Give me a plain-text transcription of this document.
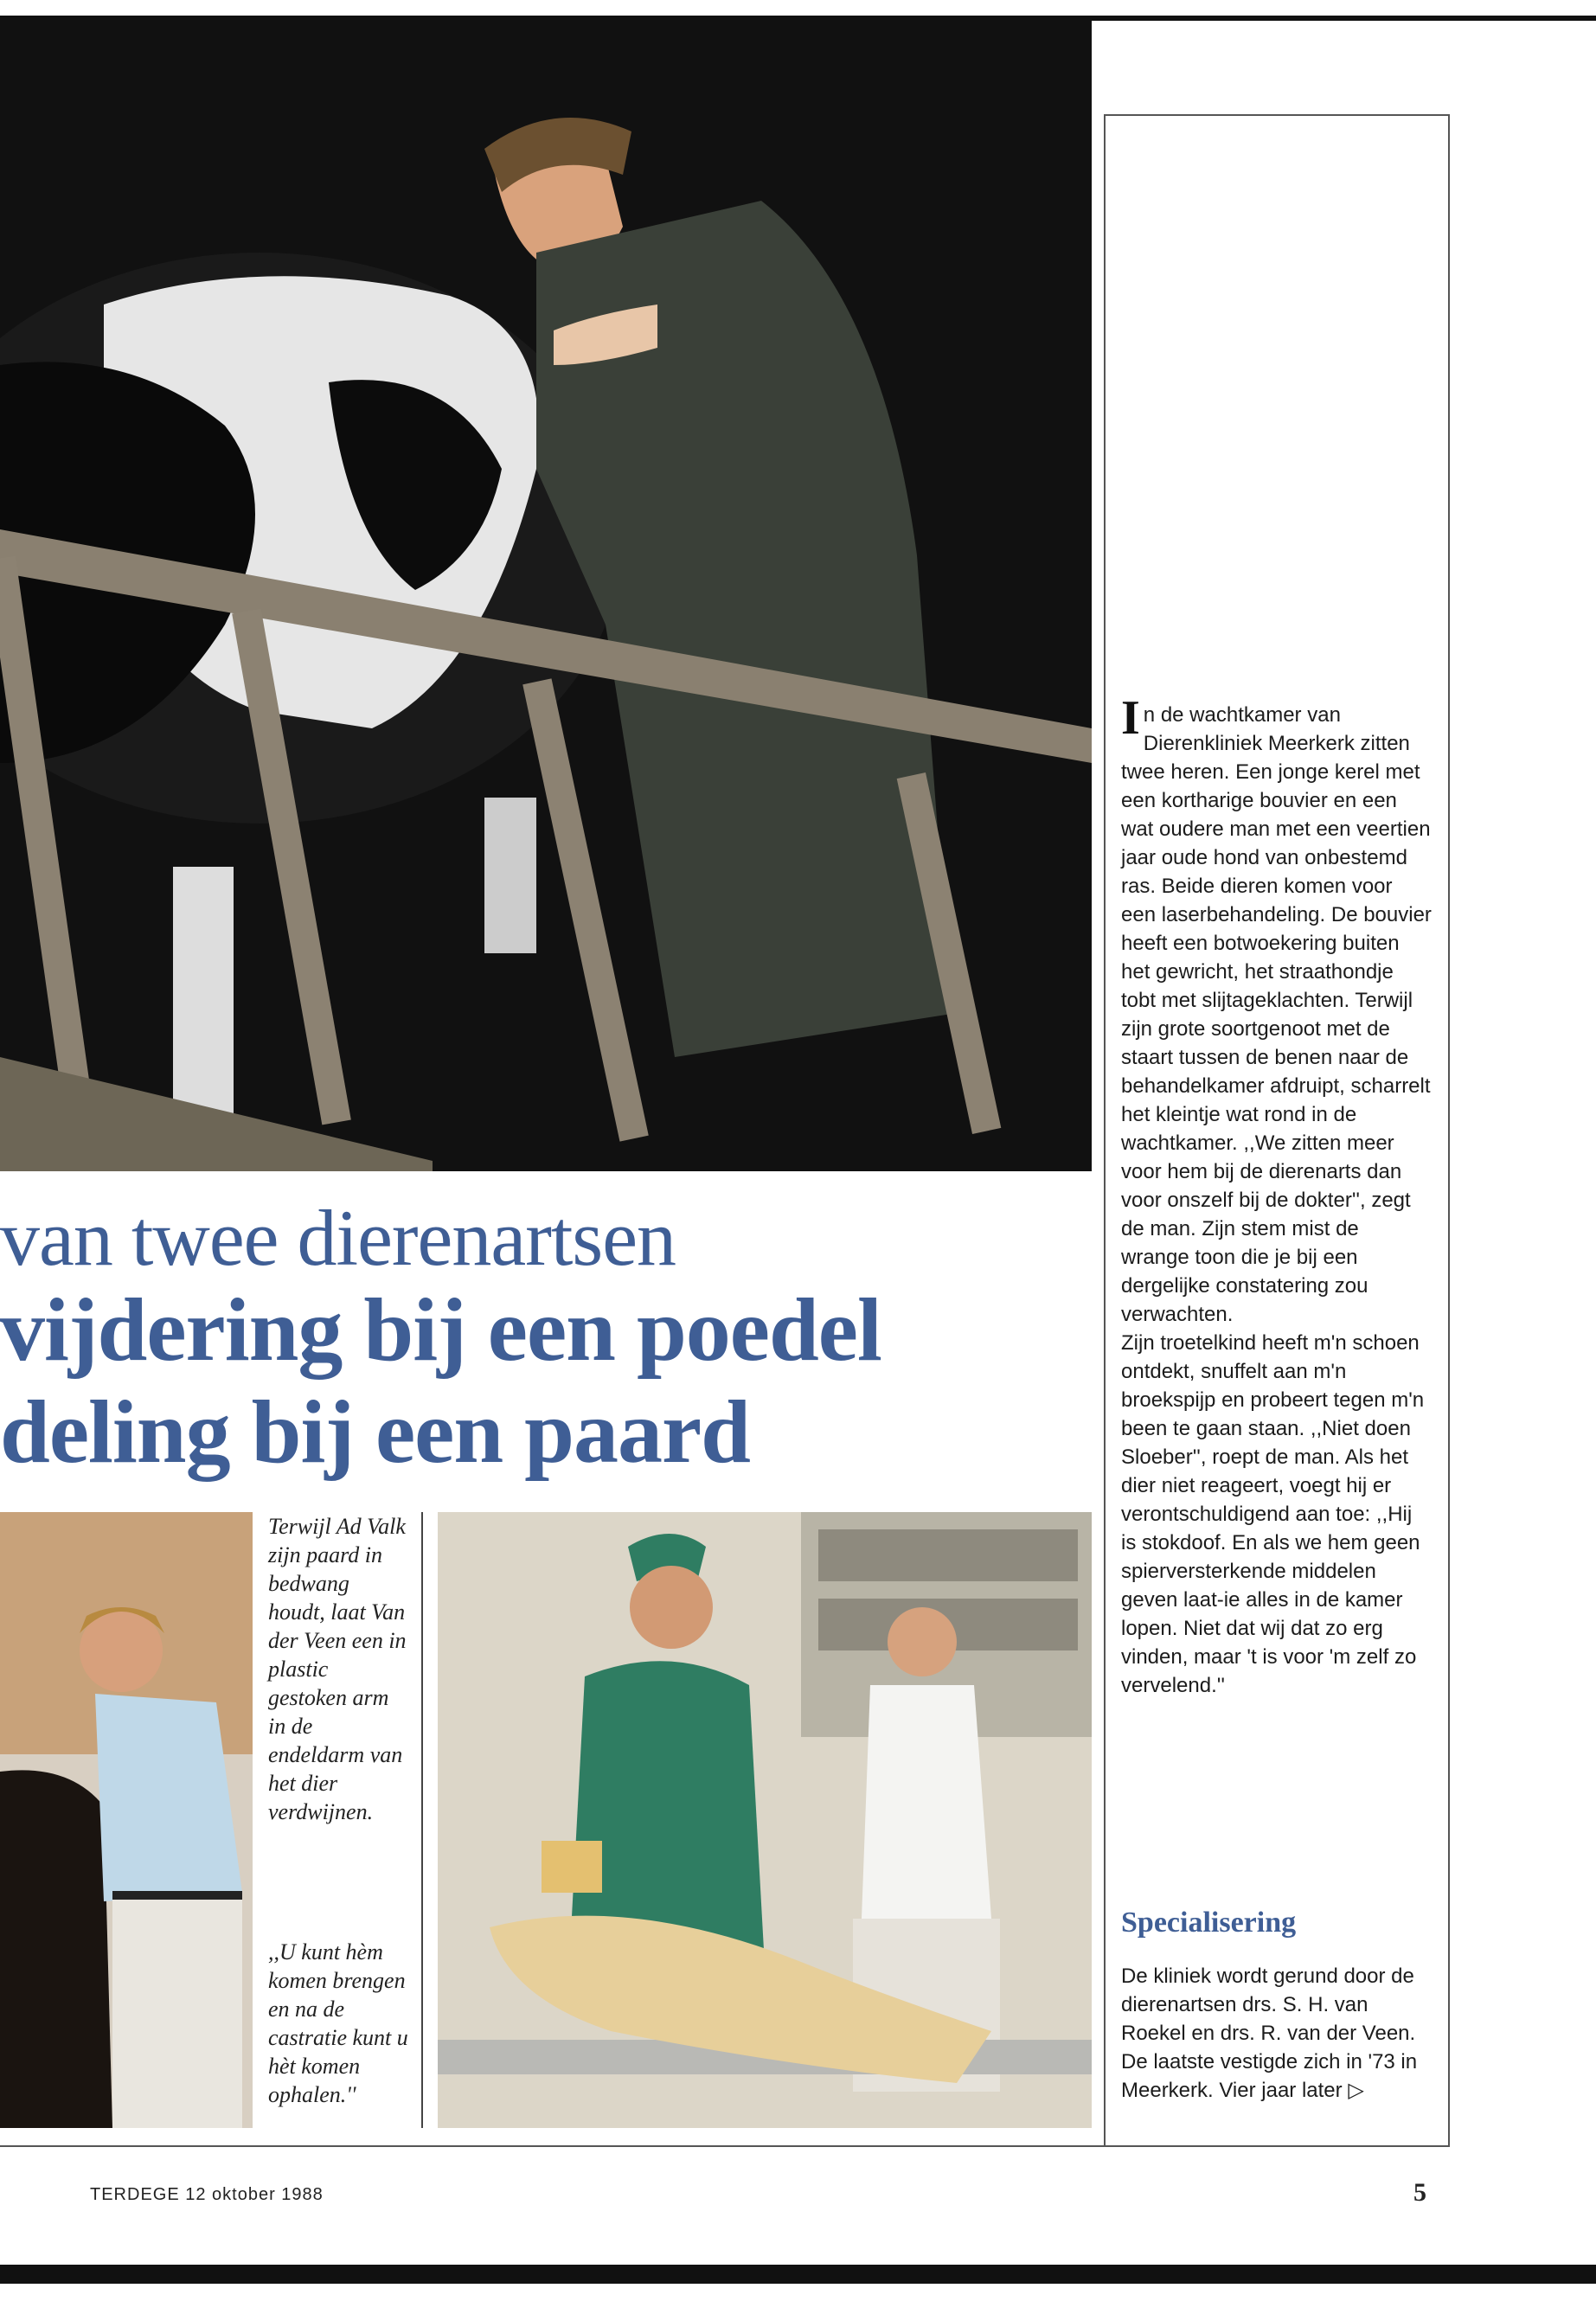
van twee dierenartsen
vijdering bij een poedel
deling bij een paard
Terwijl Ad Valk zijn paard in bedwang houdt, laat Van der Veen een in plastic gestoken arm in de endeldarm van het dier verdwijnen.
,,U kunt hèm komen brengen en na de castratie kunt u hèt komen ophalen.''

In de wachtkamer van Dierenkliniek Meerkerk zitten twee heren. Een jonge kerel met een kortharige bouvier en een wat oudere man met een veertien jaar oude hond van onbestemd ras. Beide dieren komen voor een laserbehandeling. De bouvier heeft een botwoekering buiten het gewricht, het straathondje tobt met slijtageklachten. Terwijl zijn grote soortgenoot met de staart tussen de benen naar de behandelkamer afdruipt, scharrelt het kleintje wat rond in de wachtkamer. ,,We zitten meer voor hem bij de dierenarts dan voor onszelf bij de dokter'', zegt de man. Zijn stem mist de wrange toon die je bij een dergelijke constatering zou verwachten.

Zijn troetelkind heeft m'n schoen ontdekt, snuffelt aan m'n broekspijp en probeert tegen m'n been te gaan staan. ,,Niet doen Sloeber'', roept de man. Als het dier niet reageert, voegt hij er verontschuldigend aan toe: ,,Hij is stokdoof. En als we hem geen spierversterkende middelen geven laat-ie alles in de kamer lopen. Niet dat wij dat zo erg vinden, maar 't is voor 'm zelf zo vervelend.''

Specialisering

De kliniek wordt gerund door de dierenartsen drs. S. H. van Roekel en drs. R. van der Veen. De laatste vestigde zich in '73 in Meerkerk. Vier jaar later ▷

TERDEGE 12 oktober 1988	5
